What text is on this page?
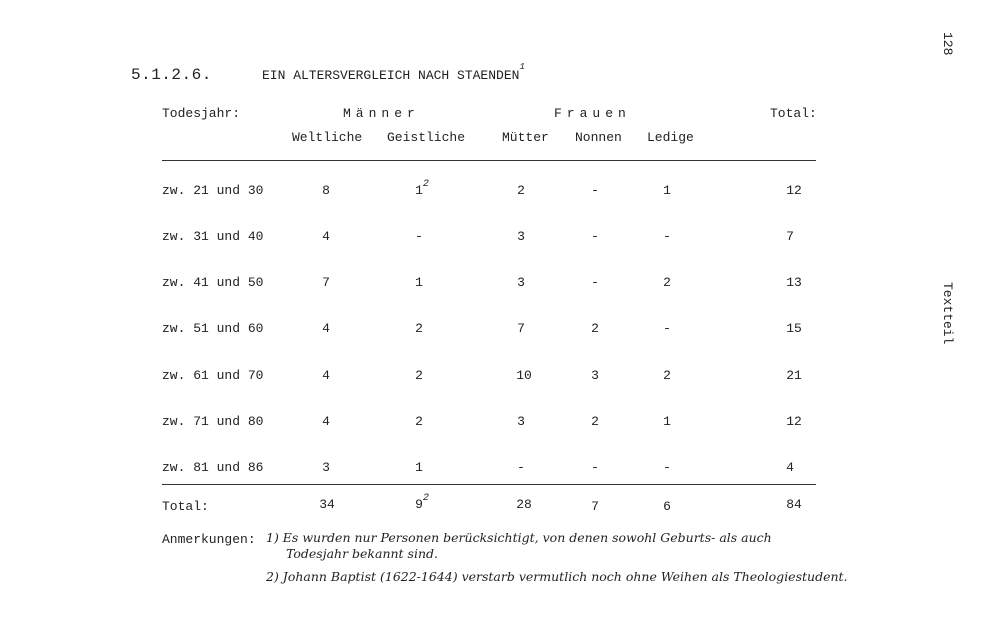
128
Textteil
5.1.2.6.	EIN ALTERSVERGLEICH NACH STAENDEN$^1$
Todesjahr:	Männer	Frauen	Total:
Weltliche Geistliche	Mütter Nonnen Ledige
zw. 21 und 30	8	$1^2$	2	-	1	12
zw. 31 und 40	4	-	3	-	-	7
zw. 41 und 50	7	1	3	-	2	13
zw. 51 und 60	4	2	7	2	-	15
zw. 61 und 70	4	2	10	3	2	21
zw. 71 und 80	4	2	3	2	1	12
zw. 81 und 86	3	1	-	-	-	4
Total:	34	$9^2$	28	7	6	84
Anmerkungen: 1) Es wurden nur Personen berücksichtigt, von denen sowohl Geburts- als auch
Todesjahr bekannt sind.
2) Johann Baptist (1622-1644) verstarb vermutlich noch ohne Weihen als Theologiestudent.
